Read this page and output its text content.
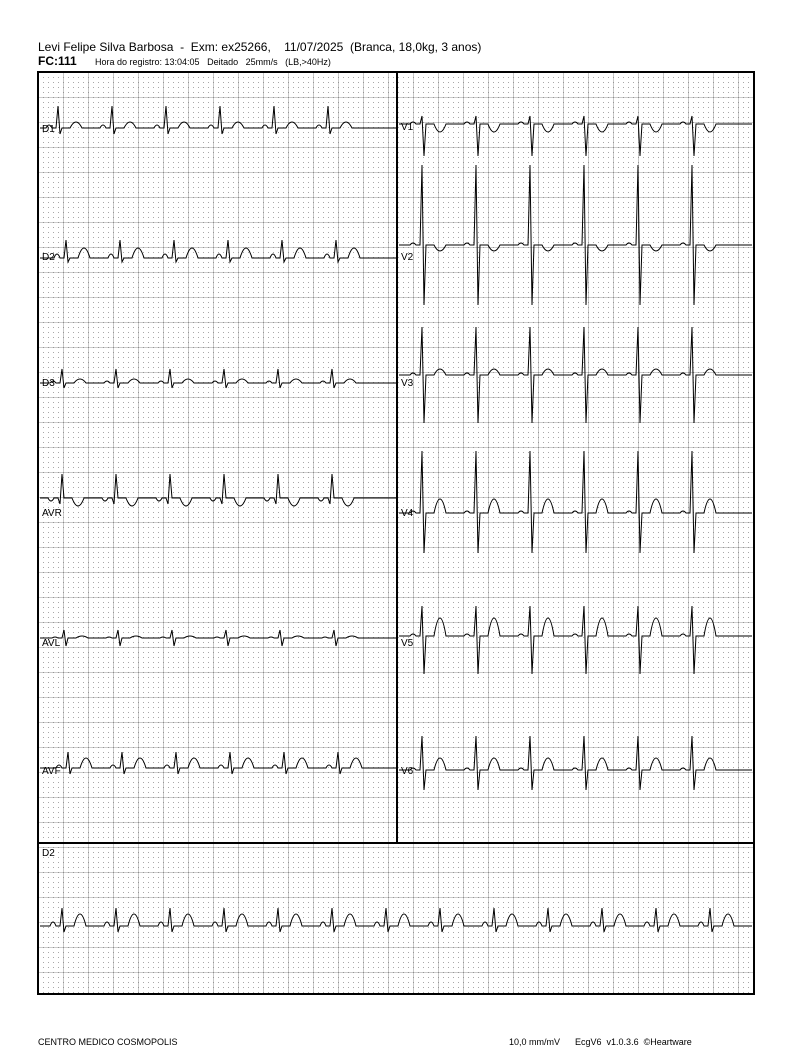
Levi Felipe Silva Barbosa  -  Exm: ex25266,    11/07/2025  (Branca, 18,0kg, 3 anos)
FC:111 Hora do registro: 13:04:05   Deitado   25mm/s   (LB,>40Hz)
D1
D2
D3
AVR
AVL
AVF
V1
V2
V3
V4
V5
V6
D2
CENTRO MEDICO COSMOPOLIS	10,0 mm/mV EcgV6  v1.0.3.6  ©Heartware
